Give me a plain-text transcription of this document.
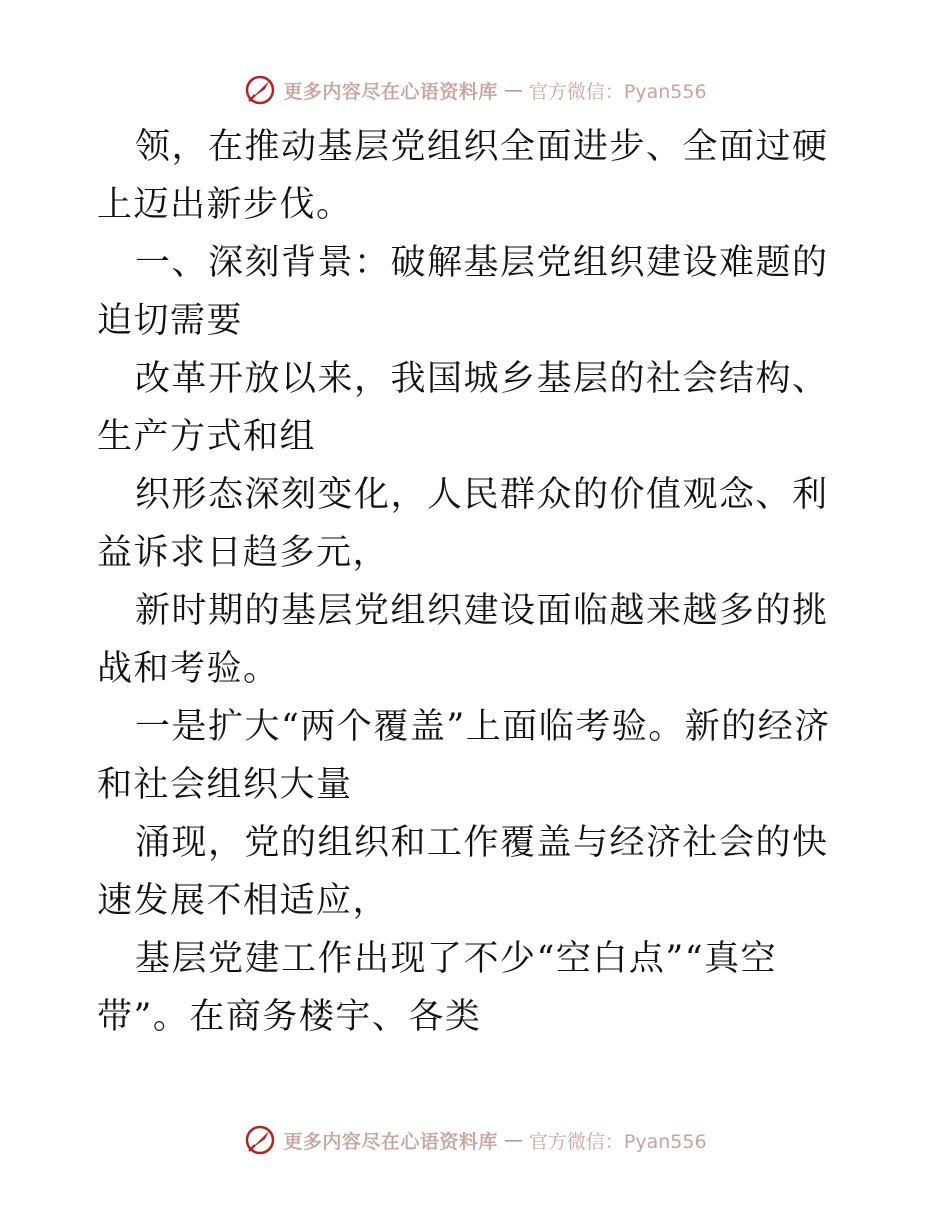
更多内容尽在心语资料库 — 官方微信：Pyan556

领，在推动基层党组织全面进步、全面过硬上迈出新步伐。

一、深刻背景：破解基层党组织建设难题的迫切需要

改革开放以来，我国城乡基层的社会结构、生产方式和组

织形态深刻变化，人民群众的价值观念、利益诉求日趋多元，

新时期的基层党组织建设面临越来越多的挑战和考验。

一是扩大“两个覆盖”上面临考验。新的经济和社会组织大量

涌现，党的组织和工作覆盖与经济社会的快速发展不相适应，

基层党建工作出现了不少“空白点”“真空带”。在商务楼宇、各类

更多内容尽在心语资料库 — 官方微信：Pyan556
